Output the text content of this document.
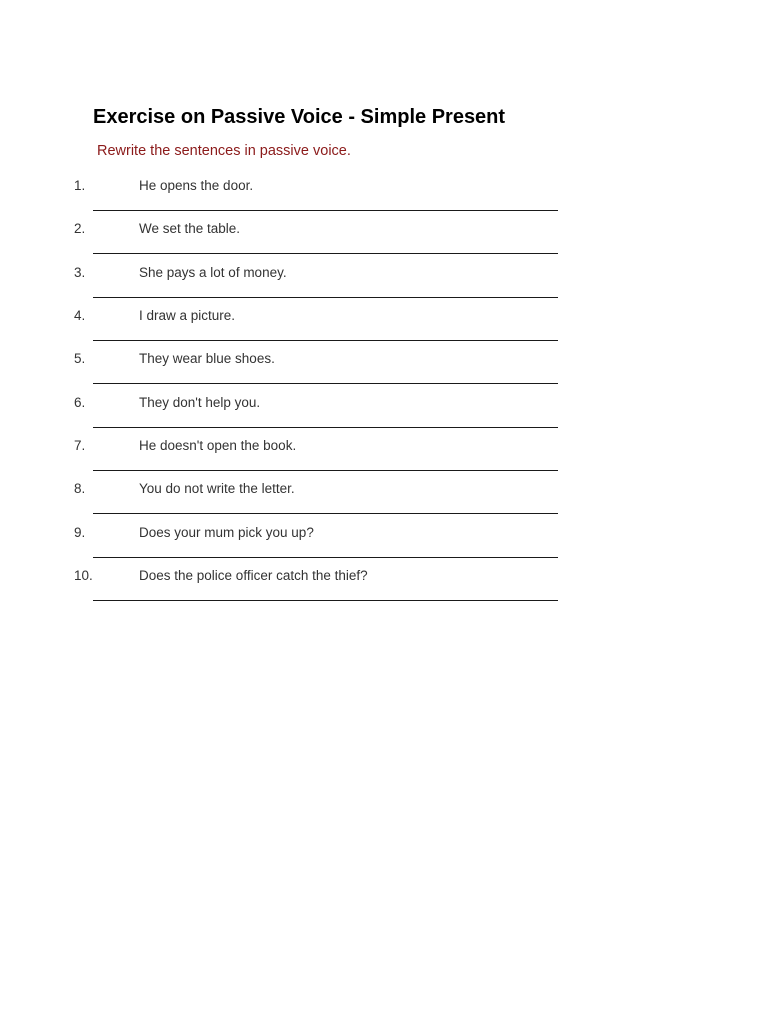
Exercise on Passive Voice - Simple Present

Rewrite the sentences in passive voice.

1.	He opens the door.
2.	We set the table.
3.	She pays a lot of money.
4.	I draw a picture.
5.	They wear blue shoes.
6.	They don't help you.
7.	He doesn't open the book.
8.	You do not write the letter.
9.	Does your mum pick you up?
10.	Does the police officer catch the thief?
